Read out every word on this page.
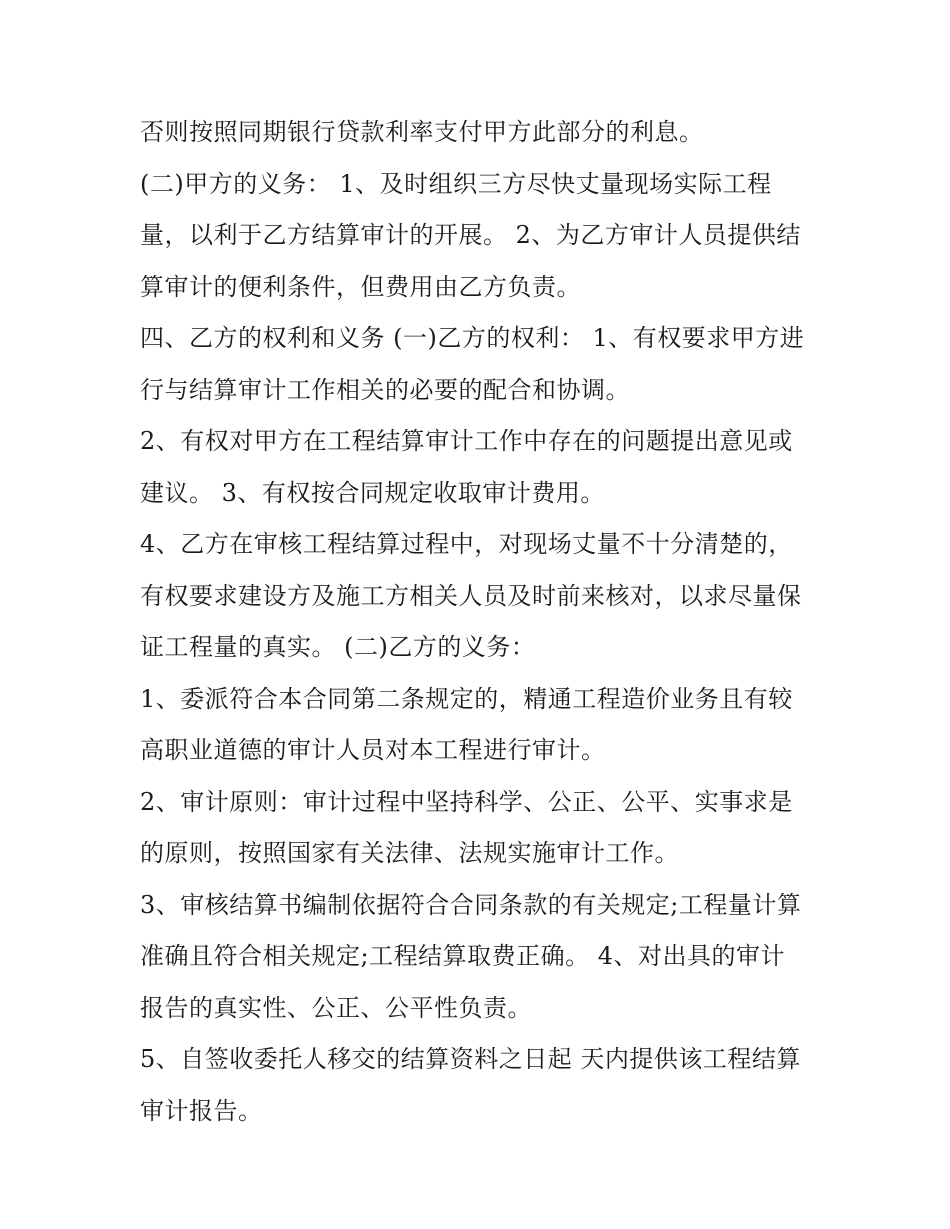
否则按照同期银行贷款利率支付甲方此部分的利息。
(二)甲方的义务： 1、及时组织三方尽快丈量现场实际工程
量，以利于乙方结算审计的开展。 2、为乙方审计人员提供结
算审计的便利条件，但费用由乙方负责。
四、乙方的权利和义务 (一)乙方的权利： 1、有权要求甲方进
行与结算审计工作相关的必要的配合和协调。
2、有权对甲方在工程结算审计工作中存在的问题提出意见或
建议。 3、有权按合同规定收取审计费用。
4、乙方在审核工程结算过程中，对现场丈量不十分清楚的，
有权要求建设方及施工方相关人员及时前来核对，以求尽量保
证工程量的真实。 (二)乙方的义务：
1、委派符合本合同第二条规定的，精通工程造价业务且有较
高职业道德的审计人员对本工程进行审计。
2、审计原则：审计过程中坚持科学、公正、公平、实事求是
的原则，按照国家有关法律、法规实施审计工作。
3、审核结算书编制依据符合合同条款的有关规定;工程量计算
准确且符合相关规定;工程结算取费正确。 4、对出具的审计
报告的真实性、公正、公平性负责。
5、自签收委托人移交的结算资料之日起 天内提供该工程结算
审计报告。
